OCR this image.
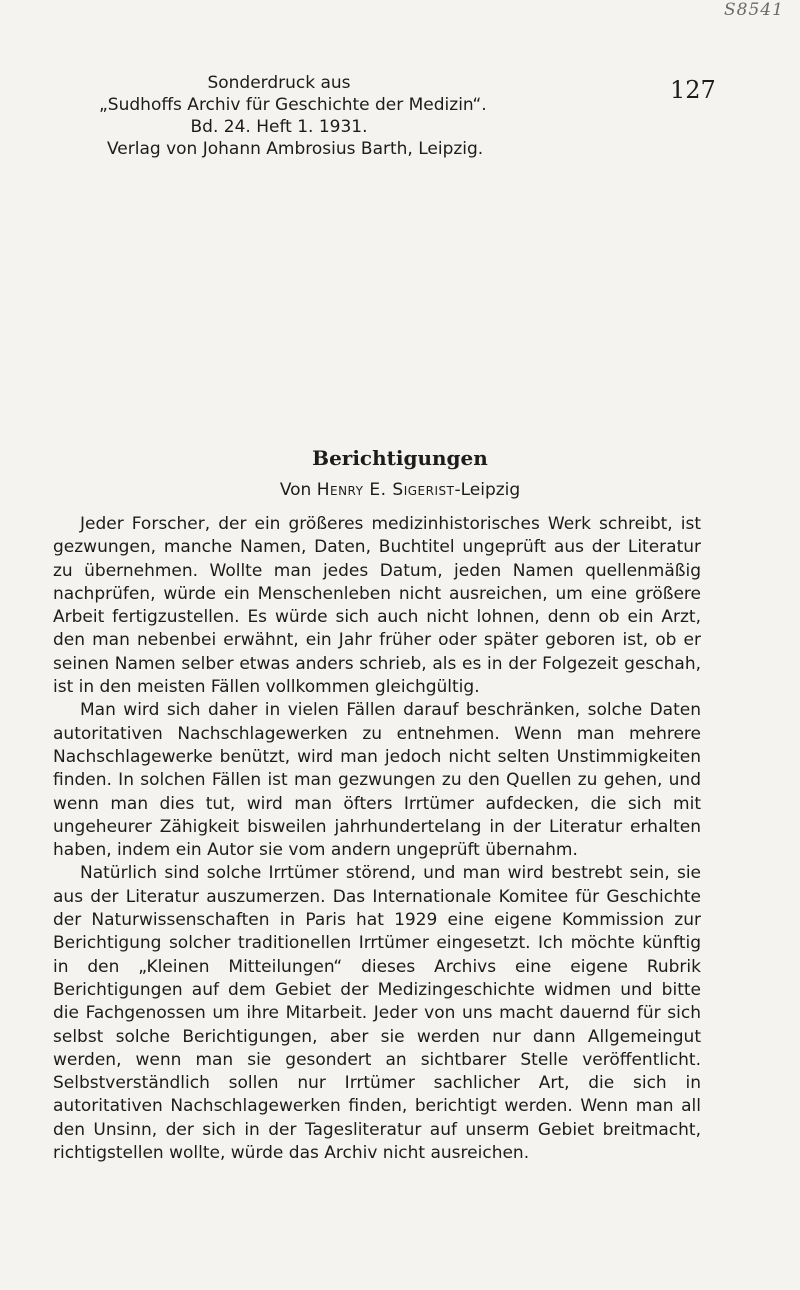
S8541
127
Sonderdruck aus
„Sudhoffs Archiv für Geschichte der Medizin“.
Bd. 24. Heft 1. 1931.
Verlag von Johann Ambrosius Barth, Leipzig.
Berichtigungen
Von Henry E. Sigerist-Leipzig

Jeder Forscher, der ein größeres medizinhistorisches Werk schreibt, ist gezwungen, manche Namen, Daten, Buchtitel ungeprüft aus der Literatur zu übernehmen. Wollte man jedes Datum, jeden Namen quellenmäßig nachprüfen, würde ein Menschenleben nicht ausreichen, um eine größere Arbeit fertigzustellen. Es würde sich auch nicht lohnen, denn ob ein Arzt, den man nebenbei erwähnt, ein Jahr früher oder später geboren ist, ob er seinen Namen selber etwas anders schrieb, als es in der Folgezeit geschah, ist in den meisten Fällen vollkommen gleichgültig.

Man wird sich daher in vielen Fällen darauf beschränken, solche Daten autoritativen Nachschlagewerken zu entnehmen. Wenn man mehrere Nachschlagewerke benützt, wird man jedoch nicht selten Unstimmigkeiten finden. In solchen Fällen ist man gezwungen zu den Quellen zu gehen, und wenn man dies tut, wird man öfters Irrtümer aufdecken, die sich mit ungeheurer Zähigkeit bisweilen jahrhundertelang in der Literatur erhalten haben, indem ein Autor sie vom andern ungeprüft übernahm.

Natürlich sind solche Irrtümer störend, und man wird bestrebt sein, sie aus der Literatur auszumerzen. Das Internationale Komitee für Geschichte der Naturwissenschaften in Paris hat 1929 eine eigene Kommission zur Berichtigung solcher traditionellen Irrtümer eingesetzt. Ich möchte künftig in den „Kleinen Mitteilungen“ dieses Archivs eine eigene Rubrik Berichtigungen auf dem Gebiet der Medizingeschichte widmen und bitte die Fachgenossen um ihre Mitarbeit. Jeder von uns macht dauernd für sich selbst solche Berichtigungen, aber sie werden nur dann Allgemeingut werden, wenn man sie gesondert an sichtbarer Stelle veröffentlicht. Selbstverständlich sollen nur Irrtümer sachlicher Art, die sich in autoritativen Nachschlagewerken finden, berichtigt werden. Wenn man all den Unsinn, der sich in der Tagesliteratur auf unserm Gebiet breitmacht, richtigstellen wollte, würde das Archiv nicht ausreichen.
